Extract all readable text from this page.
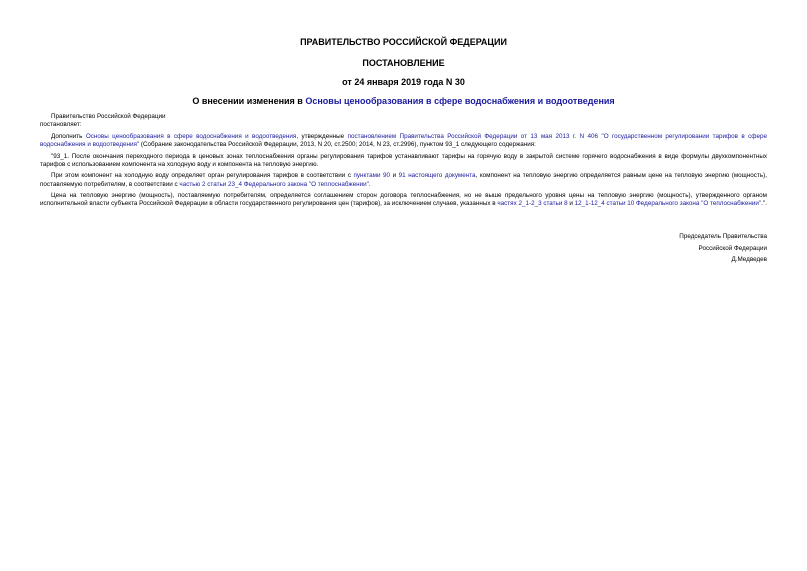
ПРАВИТЕЛЬСТВО РОССИЙСКОЙ ФЕДЕРАЦИИ
ПОСТАНОВЛЕНИЕ
от 24 января 2019 года N 30
О внесении изменения в Основы ценообразования в сфере водоснабжения и водоотведения

Правительство Российской Федерации

постановляет:

Дополнить Основы ценообразования в сфере водоснабжения и водоотведения, утвержденные постановлением Правительства Российской Федерации от 13 мая 2013 г. N 406 "О государственном регулировании тарифов в сфере водоснабжения и водоотведения" (Собрание законодательства Российской Федерации, 2013, N 20, ст.2500; 2014, N 23, ст.2996), пунктом 93_1 следующего содержания:

"93_1. После окончания переходного периода в ценовых зонах теплоснабжения органы регулирования тарифов устанавливают тарифы на горячую воду в закрытой системе горячего водоснабжения в виде формулы двухкомпонентных тарифов с использованием компонента на холодную воду и компонента на тепловую энергию.

При этом компонент на холодную воду определяет орган регулирования тарифов в соответствии с пунктами 90 и 91 настоящего документа, компонент на тепловую энергию определяется равным цене на тепловую энергию (мощность), поставляемую потребителям, в соответствии с частью 2 статьи 23_4 Федерального закона "О теплоснабжении".

Цена на тепловую энергию (мощность), поставляемую потребителям, определяется соглашением сторон договора теплоснабжения, но не выше предельного уровня цены на тепловую энергию (мощность), утвержденного органом исполнительной власти субъекта Российской Федерации в области государственного регулирования цен (тарифов), за исключением случаев, указанных в частях 2_1-2_3 статьи 8 и 12_1-12_4 статьи 10 Федерального закона "О теплоснабжении".".

Председатель Правительства
Российской Федерации
Д.Медведев
